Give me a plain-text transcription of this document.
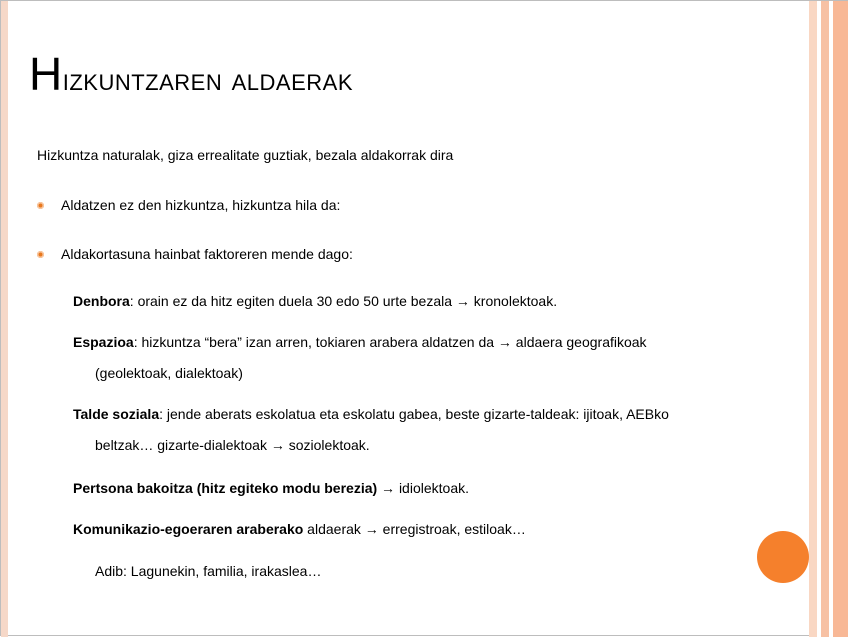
Hizkuntzaren aldaerak
Hizkuntza naturalak, giza errealitate guztiak, bezala aldakorrak dira
Aldatzen ez den hizkuntza, hizkuntza hila da:
Aldakortasuna hainbat faktoreren mende dago:
Denbora: orain ez da hitz egiten duela 30 edo 50 urte bezala → kronolektoak.
Espazioa: hizkuntza “bera” izan arren, tokiaren arabera aldatzen da → aldaera geografikoak
(geolektoak, dialektoak)
Talde soziala: jende aberats eskolatua eta eskolatu gabea, beste gizarte-taldeak: ijitoak, AEBko
beltzak… gizarte-dialektoak → soziolektoak.
Pertsona bakoitza (hitz egiteko modu berezia) → idiolektoak.
Komunikazio-egoeraren araberako aldaerak → erregistroak, estiloak…
Adib: Lagunekin, familia, irakaslea…
